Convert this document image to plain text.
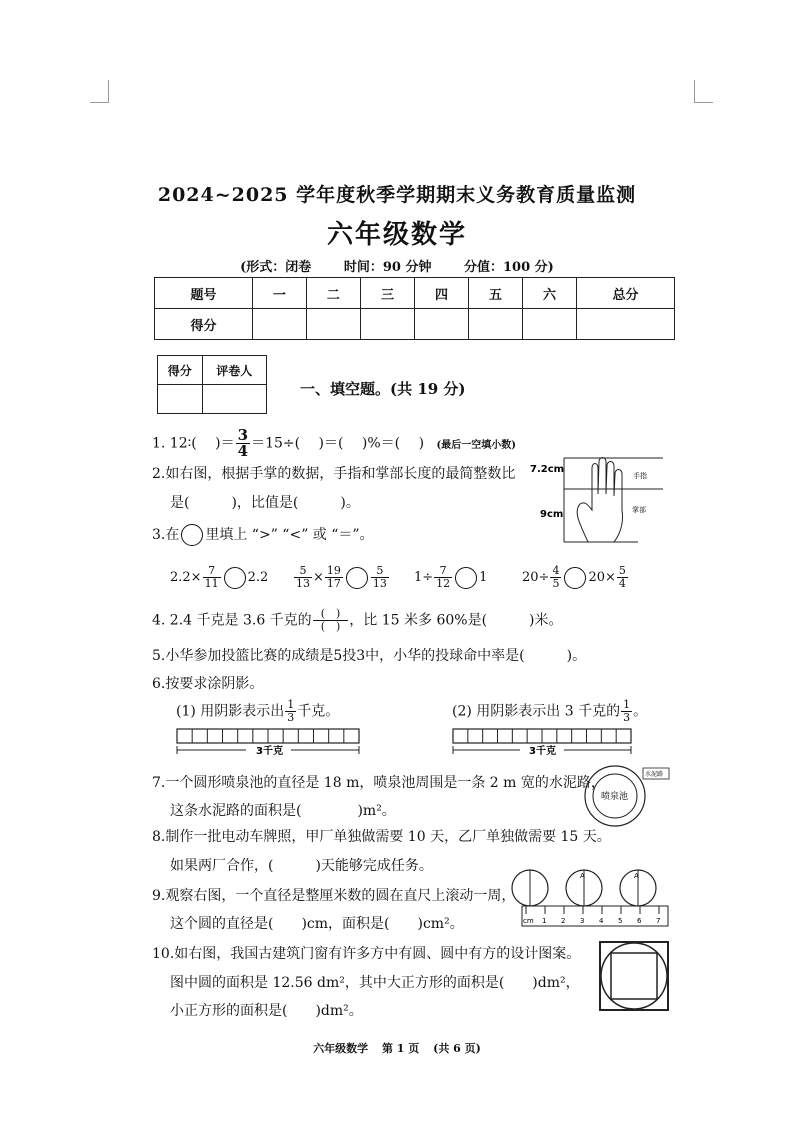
2024~2025 学年度秋季学期期末义务教育质量监测
六年级数学
(形式：闭卷	时间：90 分钟	分值：100 分)
题号	一	二	三	四	五	六	总分
得分							
得分	评卷人

一、填空题。(共 19 分)
1. 12∶(　 )＝ $\frac{3}{4} =15\div$(　 )＝(　 )%＝(　 ) (最后一空填小数)
2.如右图，根据手掌的数据，手指和掌部长度的最简整数比
是(　　　)，比值是(　　　)。
7.2cm
9cm
手指
掌部
3.在 里填上 “>” “<” 或 “＝”。
$2.2\times \frac{7}{11} 2.2 \frac{5}{13} \times \frac{19}{17}$	$\frac{5}{13} 1\div \frac{7}{12} 1$	$20\div \frac{4}{5} 20\times \frac{5}{4}$
4. 2.4 千克是 3.6 千克的 $\frac{( )}{( )}$ ，比 15 米多 60%是(　　　)米。
5.小华参加投篮比赛的成绩是5投3中，小华的投球命中率是(　　　)。
6.按要求涂阴影。
(1) 用阴影表示出 $\frac{1}{3}$ 千克。	(2) 用阴影表示出 3 千克的 $\frac{1}{3}$ 。
3千克	3千克
7.一个圆形喷泉池的直径是 18 m，喷泉池周围是一条 2 m 宽的水泥路，
这条水泥路的面积是(　　　　)m²。
喷泉池
水泥路
8.制作一批电动车牌照，甲厂单独做需要 10 天，乙厂单独做需要 15 天。
如果两厂合作，(　　　)天能够完成任务。
9.观察右图，一个直径是整厘米数的圆在直尺上滚动一周，
这个圆的直径是(　　)cm，面积是(　　)cm²。
A	A
cm 1 2 3 4 5 6 7
10.如右图，我国古建筑门窗有许多方中有圆、圆中有方的设计图案。
图中圆的面积是 12.56 dm²，其中大正方形的面积是(　　)dm²，
小正方形的面积是(　　)dm²。
六年级数学 第 1 页 (共 6 页)
